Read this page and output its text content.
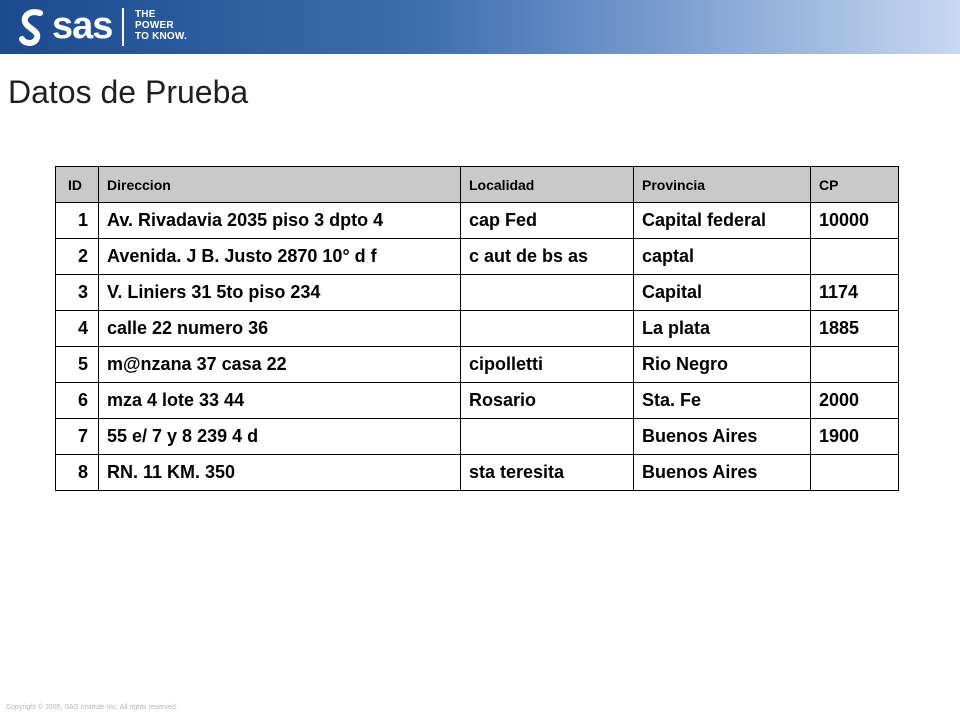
sas THE
POWER
TO KNOW.
Datos de Prueba
ID	Direccion	Localidad	Provincia	CP
1	Av. Rivadavia 2035 piso 3 dpto 4	cap Fed	Capital federal	10000
2	Avenida. J B. Justo 2870 10° d f	c aut de bs as	captal	
3	V. Liniers 31 5to piso 234		Capital	1174
4	calle 22 numero 36		La plata	1885
5	m@nzana 37 casa 22	cipolletti	Rio Negro	
6	mza 4 lote 33 44	Rosario	Sta. Fe	2000
7	55 e/ 7 y 8 239 4 d		Buenos Aires	1900
8	RN. 11 KM. 350	sta teresita	Buenos Aires	
Copyright © 2005, SAS Institute Inc. All rights reserved.
